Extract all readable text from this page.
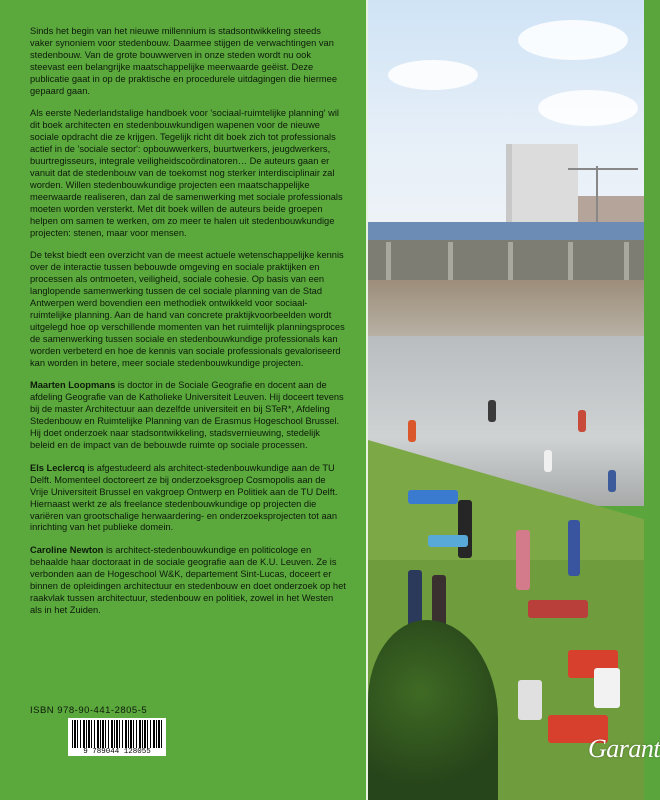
Sinds het begin van het nieuwe millennium is stadsontwikkeling steeds vaker synoniem voor stedenbouw. Daarmee stijgen de verwachtingen van stedenbouw. Van de grote bouwwerven in onze steden wordt nu ook steevast een belangrijke maatschappelijke meerwaarde geëist. Deze publicatie gaat in op de praktische en procedurele uitdagingen die hiermee gepaard gaan.

Als eerste Nederlandstalige handboek voor 'sociaal-ruimtelijke planning' wil dit boek architecten en stedenbouwkundigen wapenen voor de nieuwe sociale opdracht die ze krijgen. Tegelijk richt dit boek zich tot professionals actief in de 'sociale sector': opbouwwerkers, buurtwerkers, jeugdwerkers, buurtregisseurs, integrale veiligheidscoördinatoren… De auteurs gaan er vanuit dat de stedenbouw van de toekomst nog sterker interdisciplinair zal worden. Willen stedenbouwkundige projecten een maatschappelijke meerwaarde realiseren, dan zal de samenwerking met sociale professionals moeten worden versterkt. Met dit boek willen de auteurs beide groepen helpen om samen te werken, om zo meer te halen uit stedenbouwkundige projecten: stenen, maar voor mensen.

De tekst biedt een overzicht van de meest actuele wetenschappelijke kennis over de interactie tussen bebouwde omgeving en sociale praktijken en processen als ontmoeten, veiligheid, sociale cohesie. Op basis van een langlopende samenwerking tussen de cel sociale planning van de Stad Antwerpen werd bovendien een methodiek ontwikkeld voor sociaal-ruimtelijke planning. Aan de hand van concrete praktijkvoorbeelden wordt uitgelegd hoe op verschillende momenten van het ruimtelijk planningsproces de samenwerking tussen sociale en stedenbouwkundige professionals kan worden verbeterd en hoe de kennis van sociale professionals gevaloriseerd kan worden in betere, meer sociale stedenbouwkundige projecten.

Maarten Loopmans is doctor in de Sociale Geografie en docent aan de afdeling Geografie van de Katholieke Universiteit Leuven. Hij doceert tevens bij de master Architectuur aan dezelfde universiteit en bij STeR*, Afdeling Stedenbouw en Ruimtelijke Planning van de Erasmus Hogeschool Brussel. Hij doet onderzoek naar stadsontwikkeling, stadsvernieuwing, stedelijk beleid en de impact van de bebouwde ruimte op sociale processen.

Els Leclercq is afgestudeerd als architect-stedenbouwkundige aan de TU Delft. Momenteel doctoreert ze bij onderzoeksgroep Cosmopolis aan de Vrije Universiteit Brussel en vakgroep Ontwerp en Politiek aan de TU Delft. Hiernaast werkt ze als freelance stedenbouwkundige op projecten die variëren van grootschalige herwaardering- en onderzoeksprojecten tot aan inrichting van het publieke domein.

Caroline Newton is architect-stedenbouwkundige en politicologe en behaalde haar doctoraat in de sociale geografie aan de K.U. Leuven. Ze is verbonden aan de Hogeschool W&K, departement Sint-Lucas, doceert er binnen de opleidingen architectuur en stedenbouw en doet onderzoek op het raakvlak tussen architectuur, stedenbouw en politiek, zowel in het Westen als in het Zuiden.

ISBN 978-90-441-2805-5
9 789044 128055	Garant
